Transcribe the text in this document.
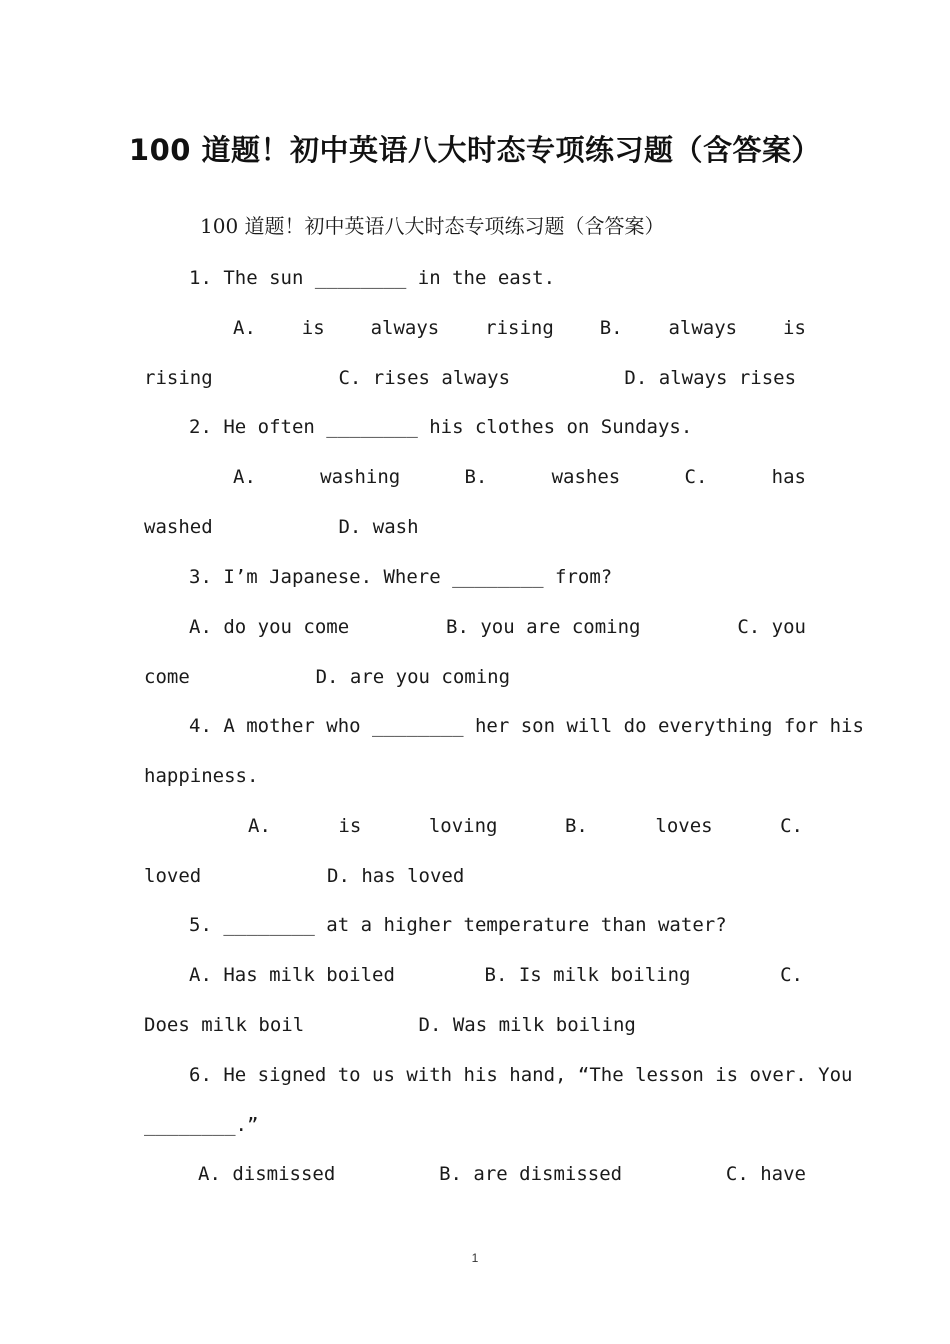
100 道题！初中英语八大时态专项练习题（含答案）
100 道题！初中英语八大时态专项练习题（含答案）
1. The sun ________ in the east.
A. is always rising B. always is
rising           C. rises always          D. always rises
2. He often ________ his clothes on Sundays.
A.	washing	B.	washes	C.	has
washed           D. wash
3. I’m Japanese. Where ________ from?
A. do you come	B. you are coming	C. you
come           D. are you coming
4. A mother who ________ her son will do everything for his
happiness.
A.	is	loving	B.	loves	C.
loved           D. has loved
5. ________ at a higher temperature than water?
A. Has milk boiled	B. Is milk boiling	C.
Does milk boil          D. Was milk boiling
6. He signed to us with his hand, “The lesson is over. You
________.”
A. dismissed	B. are dismissed	C. have
1
